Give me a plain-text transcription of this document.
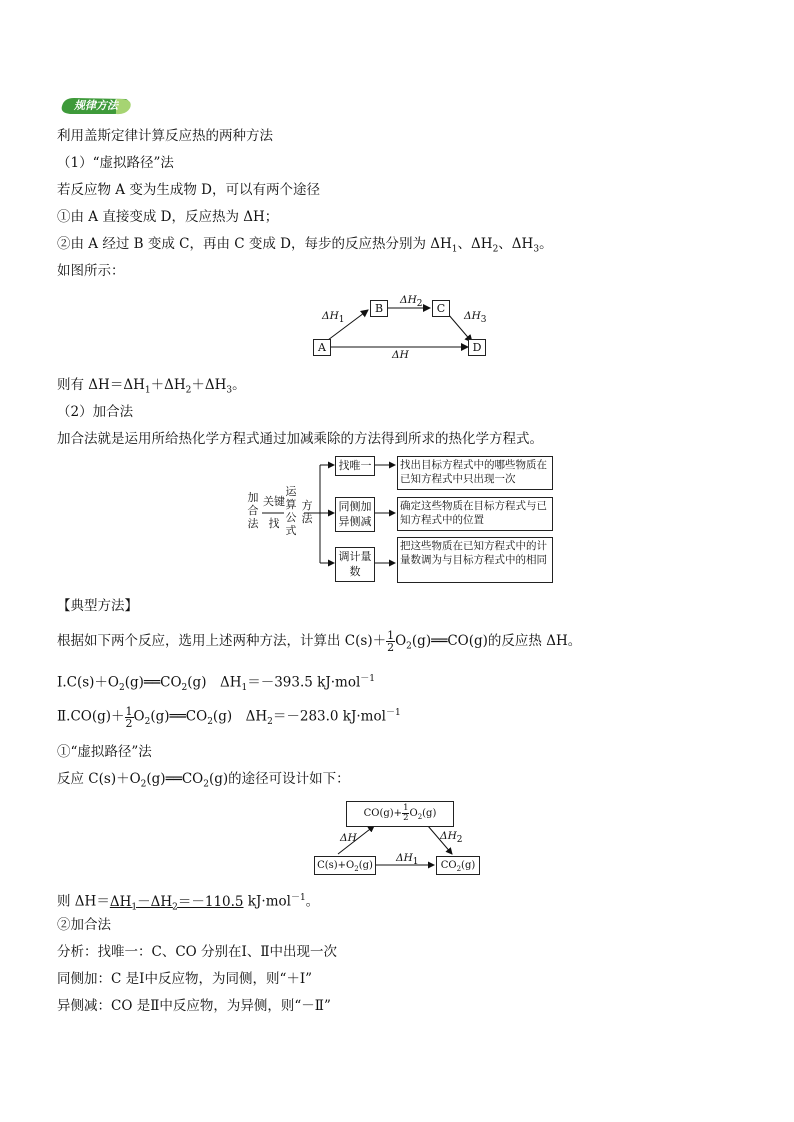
规律方法
利用盖斯定律计算反应热的两种方法
（1）“虚拟路径”法
若反应物 A 变为生成物 D，可以有两个途径
①由 A 直接变成 D，反应热为 ΔH；
②由 A 经过 B 变成 C，再由 C 变成 D，每步的反应热分别为 $\Delta H_1$、$\Delta H_2$、$\Delta H_3$。
如图所示：
A
B	C
D
$\Delta H_1$
$\Delta H_2$
$\Delta H_3$
ΔH
则有 $\Delta H=\Delta H_1+\Delta H_2+\Delta H_3$。
（2）加合法
加合法就是运用所给热化学方程式通过加减乘除的方法得到所求的热化学方程式。
加合法
关键
找
运算公式
方法
找唯一
同侧加异侧减
调计量数
找出目标方程式中的哪些物质在已知方程式中只出现一次
确定这些物质在目标方程式与已知方程式中的位置
把这些物质在已知方程式中的计量数调为与目标方程式中的相同
【典型方法】
根据如下两个反应，选用上述两种方法，计算出 $C(s)+ \frac{1}{2}$ $O_2(g)══CO(g)$的反应热 ΔH。
$Ⅰ.C(s)+O_2(g)══CO_2(g)$　$\Delta H_1=-393.5$ kJ·mol$^{-1}$
Ⅱ.CO(g)＋ $\frac{1}{2}$ $O_2(g)══CO_2(g)$　$\Delta H_2=-283.0$ kJ·mol$^{-1}$
①“虚拟路径”法
反应 $C(s)+O_2(g)══CO_2(g)$的途径可设计如下：
$CO(g)+ \frac{1}{2} O_2(g)$
$C(s)+O_2(g)$	$CO_2(g)$
ΔH	$\Delta H_2$
$\Delta H_1$
则 $\Delta H=\Delta H_1-\Delta H_2=-110.5$ kJ·mol$^{-1}$。
②加合法
分析：找唯一：C、CO 分别在Ⅰ、Ⅱ中出现一次
同侧加：C 是Ⅰ中反应物，为同侧，则“＋Ⅰ”
异侧减：CO 是Ⅱ中反应物，为异侧，则“－Ⅱ”
